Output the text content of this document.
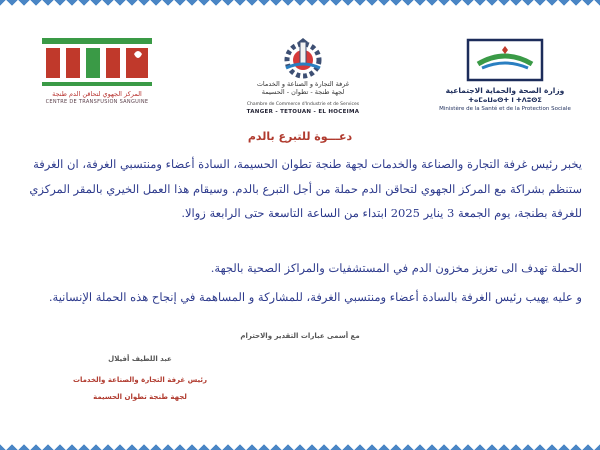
المركز الجهوي لتحاقن الدم طنجة
CENTRE DE TRANSFUSION SANGUINE
غرفة التجارة و الصناعة و الخدمات
لجهة طنجة - تطوان - الحسيمة
Chambre de Commerce d'Industrie et de Services
TANGER - TETOUAN - EL HOCEIMA
وزارة الصحة والحماية الاجتماعية
ⵜⴰⵎⴰⵡⴰⵙⵜ ⵏ ⵜⴷⵓⵙⵉ
Ministère de la Santé et de la Protection Sociale
دعـــوة للتبرع بالدم
يخبر رئيس غرفة التجارة والصناعة والخدمات لجهة طنجة تطوان الحسيمة، السادة أعضاء ومنتسبي الغرفة، ان الغرفة ستنظم بشراكة مع المركز الجهوي لتحاقن الدم حملة من أجل التبرع بالدم. وسيقام هذا العمل الخيري بالمقر المركزي للغرفة بطنجة، يوم الجمعة 3 يناير 2025 ابتداء من الساعة التاسعة حتى الرابعة زوالا.
الحملة تهدف الى تعزيز مخزون الدم في المستشفيات والمراكز الصحية بالجهة.
و عليه يهيب رئيس الغرفة بالسادة أعضاء ومنتسبي الغرفة، للمشاركة و المساهمة في إنجاح هذه الحملة الإنسانية.
مع أسمى عبارات التقدير والاحترام
عبد اللطيف أفيلال
رئيس غرفة التجارة والصناعة والخدمات
لجهة طنجة تطوان الحسيمة
